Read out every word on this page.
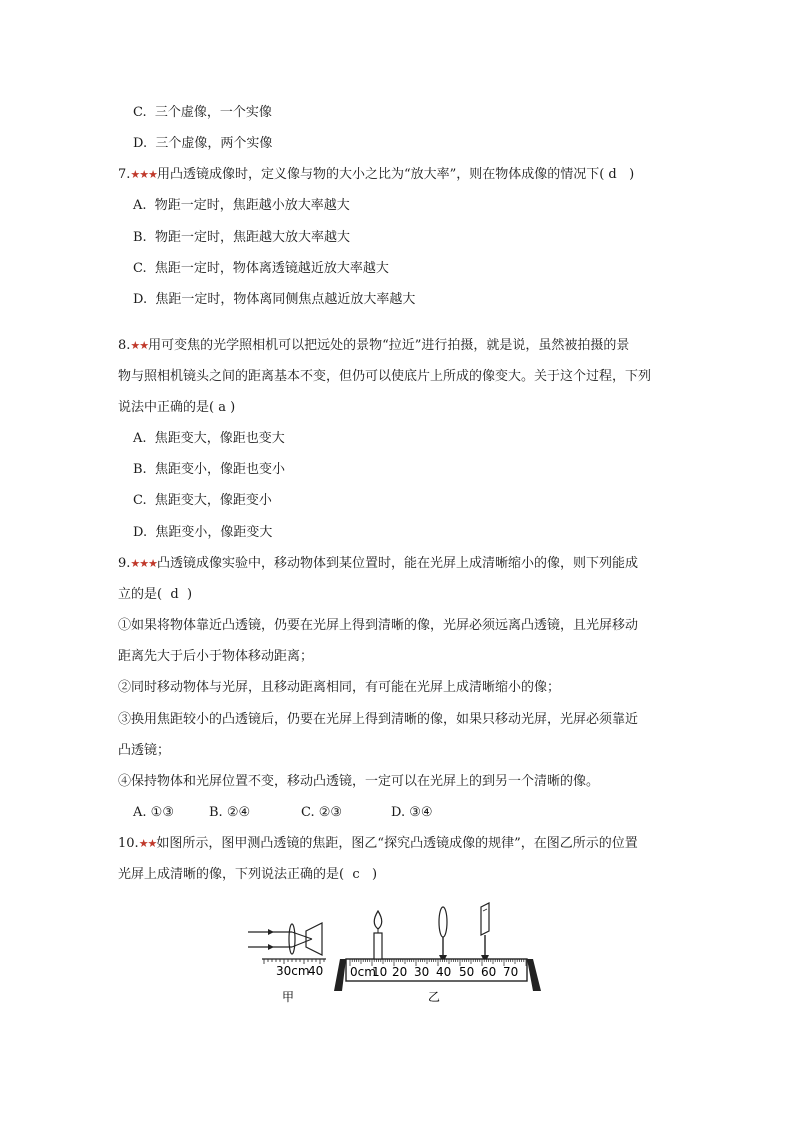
C. 三个虚像，一个实像
D. 三个虚像，两个实像
7.★★★用凸透镜成像时，定义像与物的大小之比为“放大率”，则在物体成像的情况下( d )
A. 物距一定时，焦距越小放大率越大
B. 物距一定时，焦距越大放大率越大
C. 焦距一定时，物体离透镜越近放大率越大
D. 焦距一定时，物体离同侧焦点越近放大率越大
8.★★用可变焦的光学照相机可以把远处的景物“拉近”进行拍摄，就是说，虽然被拍摄的景
物与照相机镜头之间的距离基本不变，但仍可以使底片上所成的像变大。关于这个过程，下列
说法中正确的是( a )
A. 焦距变大，像距也变大
B. 焦距变小，像距也变小
C. 焦距变大，像距变小
D. 焦距变小，像距变大
9.★★★凸透镜成像实验中，移动物体到某位置时，能在光屏上成清晰缩小的像，则下列能成
立的是( d )
①如果将物体靠近凸透镜，仍要在光屏上得到清晰的像，光屏必须远离凸透镜，且光屏移动
距离先大于后小于物体移动距离；
②同时移动物体与光屏，且移动距离相同，有可能在光屏上成清晰缩小的像；
③换用焦距较小的凸透镜后，仍要在光屏上得到清晰的像，如果只移动光屏，光屏必须靠近
凸透镜；
④保持物体和光屏位置不变，移动凸透镜，一定可以在光屏上的到另一个清晰的像。
A. ①③	B. ②④	C. ②③	D. ③④
10.★★如图所示，图甲测凸透镜的焦距，图乙“探究凸透镜成像的规律”，在图乙所示的位置
光屏上成清晰的像，下列说法正确的是( c )
30cm
40
甲
0cm
10 20 30 40 50 60 70
乙
